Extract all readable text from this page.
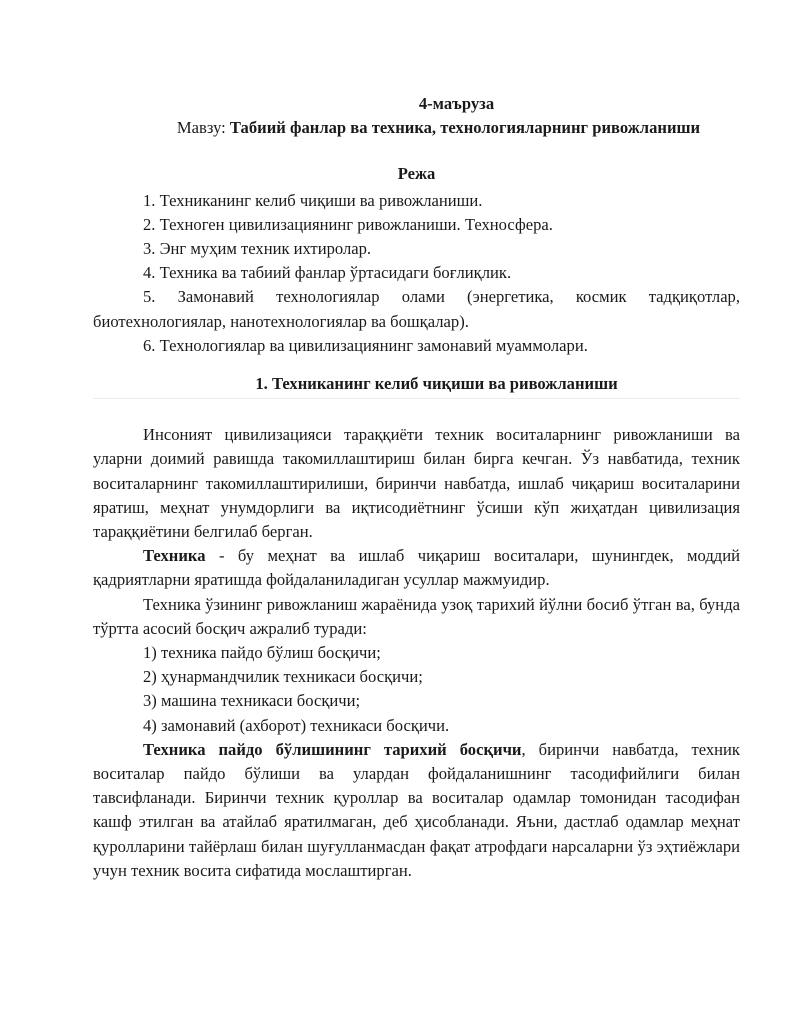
4-маъруза
Мавзу: Табиий фанлар ва техника, технологияларнинг ривожланиши
Режа
1. Техниканинг келиб чиқиши ва ривожланиши.
2. Техноген цивилизациянинг ривожланиши. Техносфера.
3. Энг муҳим техник ихтиролар.
4. Техника ва табиий фанлар ўртасидаги боғлиқлик.
5. Замонавий технологиялар олами (энергетика, космик тадқиқотлар, биотехнологиялар, нанотехнологиялар ва бошқалар).
6. Технологиялар ва цивилизациянинг замонавий муаммолари.
1. Техниканинг келиб чиқиши ва ривожланиши

Инсоният цивилизацияси тараққиёти техник воситаларнинг ривожланиши ва уларни доимий равишда такомиллаштириш билан бирга кечган. Ўз навбатида, техник воситаларнинг такомиллаштирилиши, биринчи навбатда, ишлаб чиқариш воситаларини яратиш, меҳнат унумдорлиги ва иқтисодиётнинг ўсиши кўп жиҳатдан цивилизация тараққиётини белгилаб берган.

Техника - бу меҳнат ва ишлаб чиқариш воситалари, шунингдек, моддий қадриятларни яратишда фойдаланиладиган усуллар мажмуидир.

Техника ўзининг ривожланиш жараёнида узоқ тарихий йўлни босиб ўтган ва, бунда тўртта асосий босқич ажралиб туради:

1) техника пайдо бўлиш босқичи;
2) ҳунармандчилик техникаси босқичи;
3) машина техникаси босқичи;
4) замонавий (ахборот) техникаси босқичи.

Техника пайдо бўлишининг тарихий босқичи, биринчи навбатда, техник воситалар пайдо бўлиши ва улардан фойдаланишнинг тасодифийлиги билан тавсифланади. Биринчи техник қуроллар ва воситалар одамлар томонидан тасодифан кашф этилган ва атайлаб яратилмаган, деб ҳисобланади. Яъни, дастлаб одамлар меҳнат қуролларини тайёрлаш билан шуғулланмасдан фақат атрофдаги нарсаларни ўз эҳтиёжлари учун техник восита сифатида мослаштирган.
